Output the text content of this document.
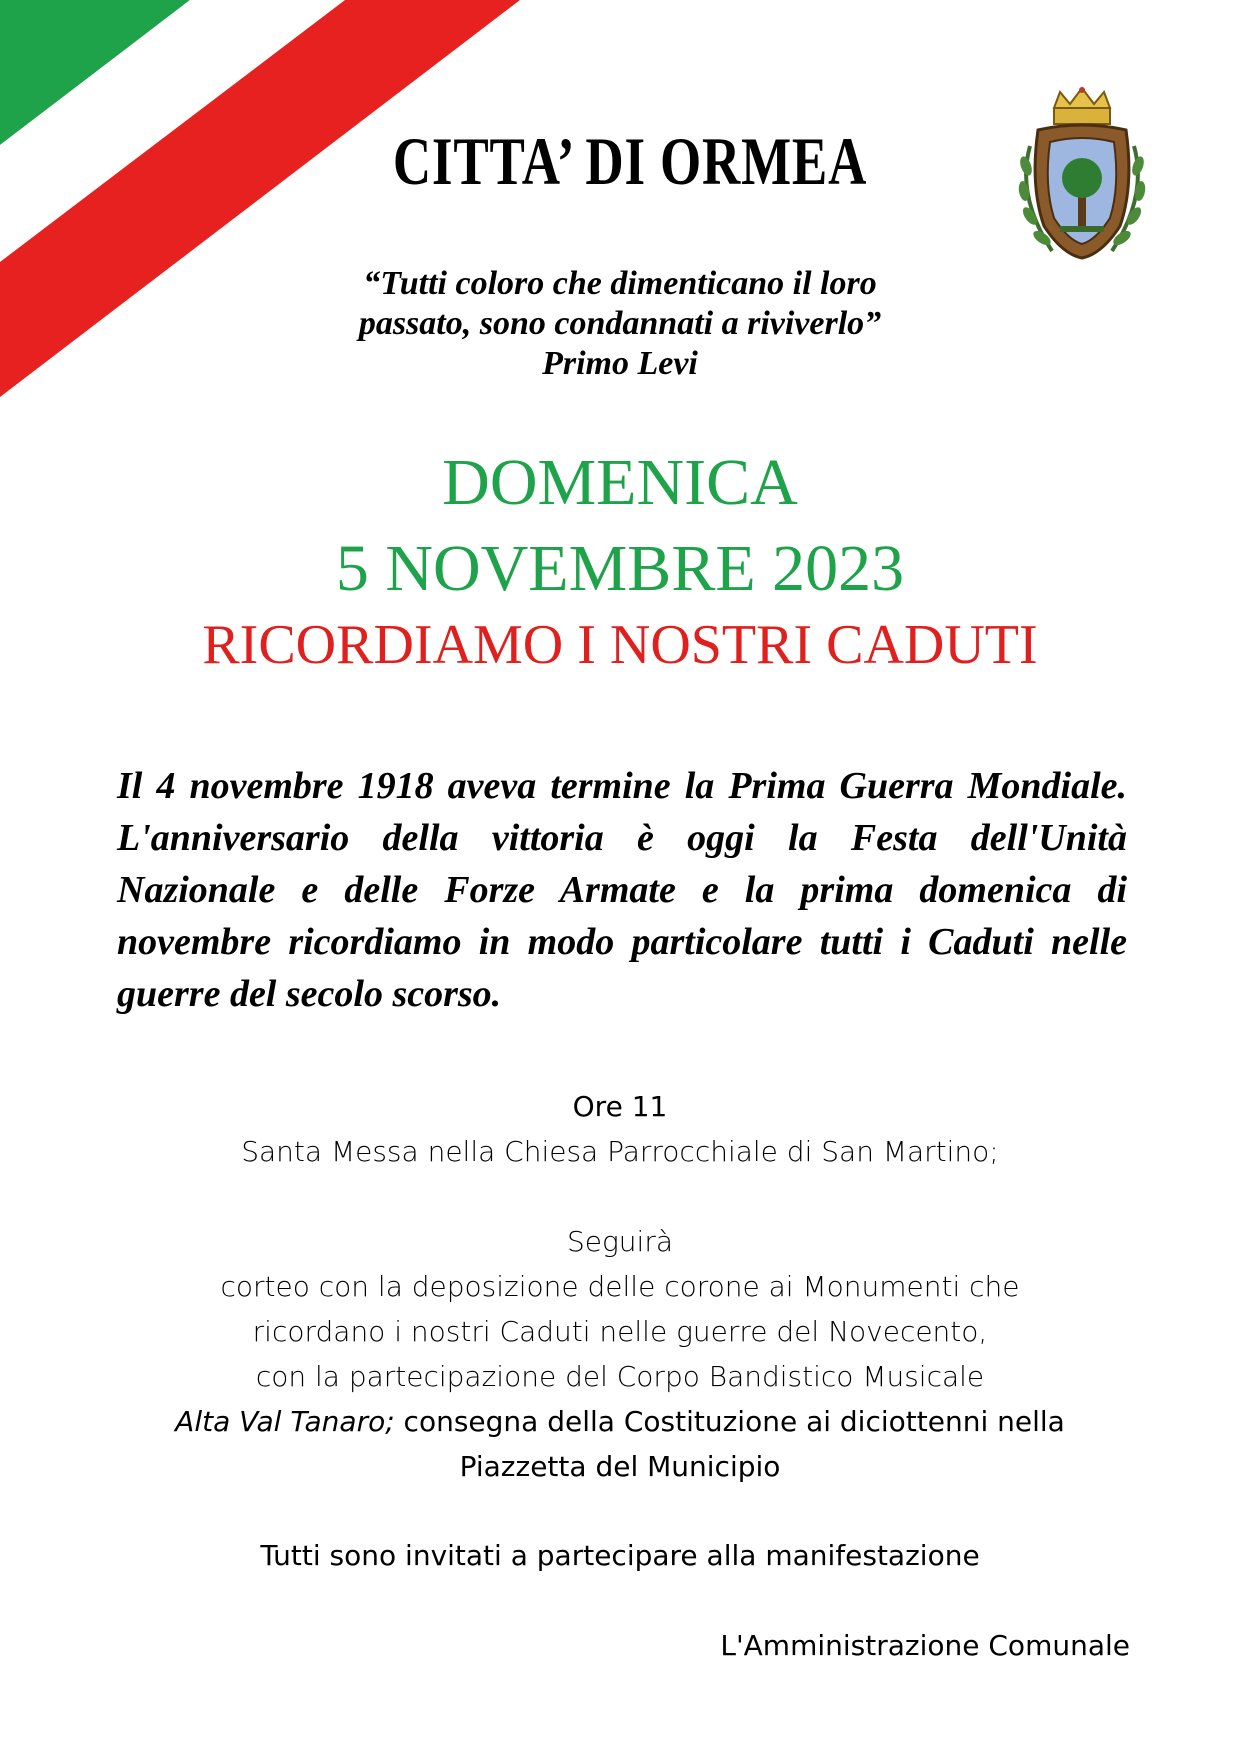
CITTA’ DI ORMEA
“Tutti coloro che dimenticano il loro
passato, sono condannati a riviverlo”
Primo Levi
DOMENICA
5 NOVEMBRE 2023
RICORDIAMO I NOSTRI CADUTI
Il 4 novembre 1918 aveva termine la Prima Guerra Mondiale. L'anniversario della vittoria è oggi la Festa dell'Unità Nazionale e delle Forze Armate e la prima domenica di novembre ricordiamo in modo particolare tutti i Caduti nelle guerre del secolo scorso.
Ore 11
Santa Messa nella Chiesa Parrocchiale di San Martino;
Seguirà
corteo con la deposizione delle corone ai Monumenti che
ricordano i nostri Caduti nelle guerre del Novecento,
con la partecipazione del Corpo Bandistico Musicale
Alta Val Tanaro; consegna della Costituzione ai diciottenni nella
Piazzetta del Municipio
Tutti sono invitati a partecipare alla manifestazione
L'Amministrazione Comunale
